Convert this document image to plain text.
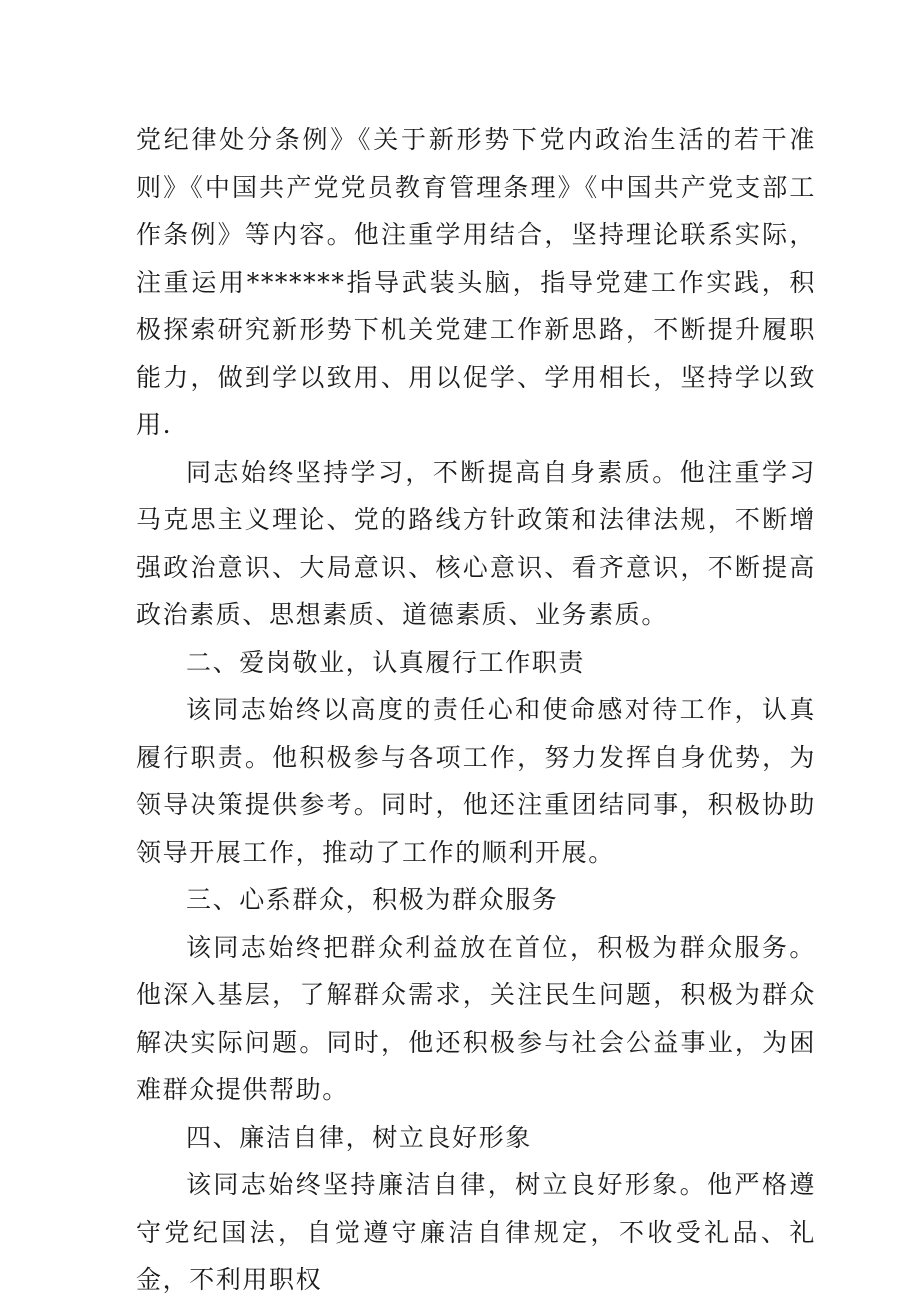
党纪律处分条例》《关于新形势下党内政治生活的若干准则》《中国共产党党员教育管理条理》《中国共产党支部工作条例》等内容。他注重学用结合，坚持理论联系实际，注重运用*******指导武装头脑，指导党建工作实践，积极探索研究新形势下机关党建工作新思路，不断提升履职能力，做到学以致用、用以促学、学用相长，坚持学以致用.

同志始终坚持学习，不断提高自身素质。他注重学习马克思主义理论、党的路线方针政策和法律法规，不断增强政治意识、大局意识、核心意识、看齐意识，不断提高政治素质、思想素质、道德素质、业务素质。

二、爱岗敬业，认真履行工作职责

该同志始终以高度的责任心和使命感对待工作，认真履行职责。他积极参与各项工作，努力发挥自身优势，为领导决策提供参考。同时，他还注重团结同事，积极协助领导开展工作，推动了工作的顺利开展。

三、心系群众，积极为群众服务

该同志始终把群众利益放在首位，积极为群众服务。他深入基层，了解群众需求，关注民生问题，积极为群众解决实际问题。同时，他还积极参与社会公益事业，为困难群众提供帮助。

四、廉洁自律，树立良好形象

该同志始终坚持廉洁自律，树立良好形象。他严格遵守党纪国法，自觉遵守廉洁自律规定，不收受礼品、礼金，不利用职权
